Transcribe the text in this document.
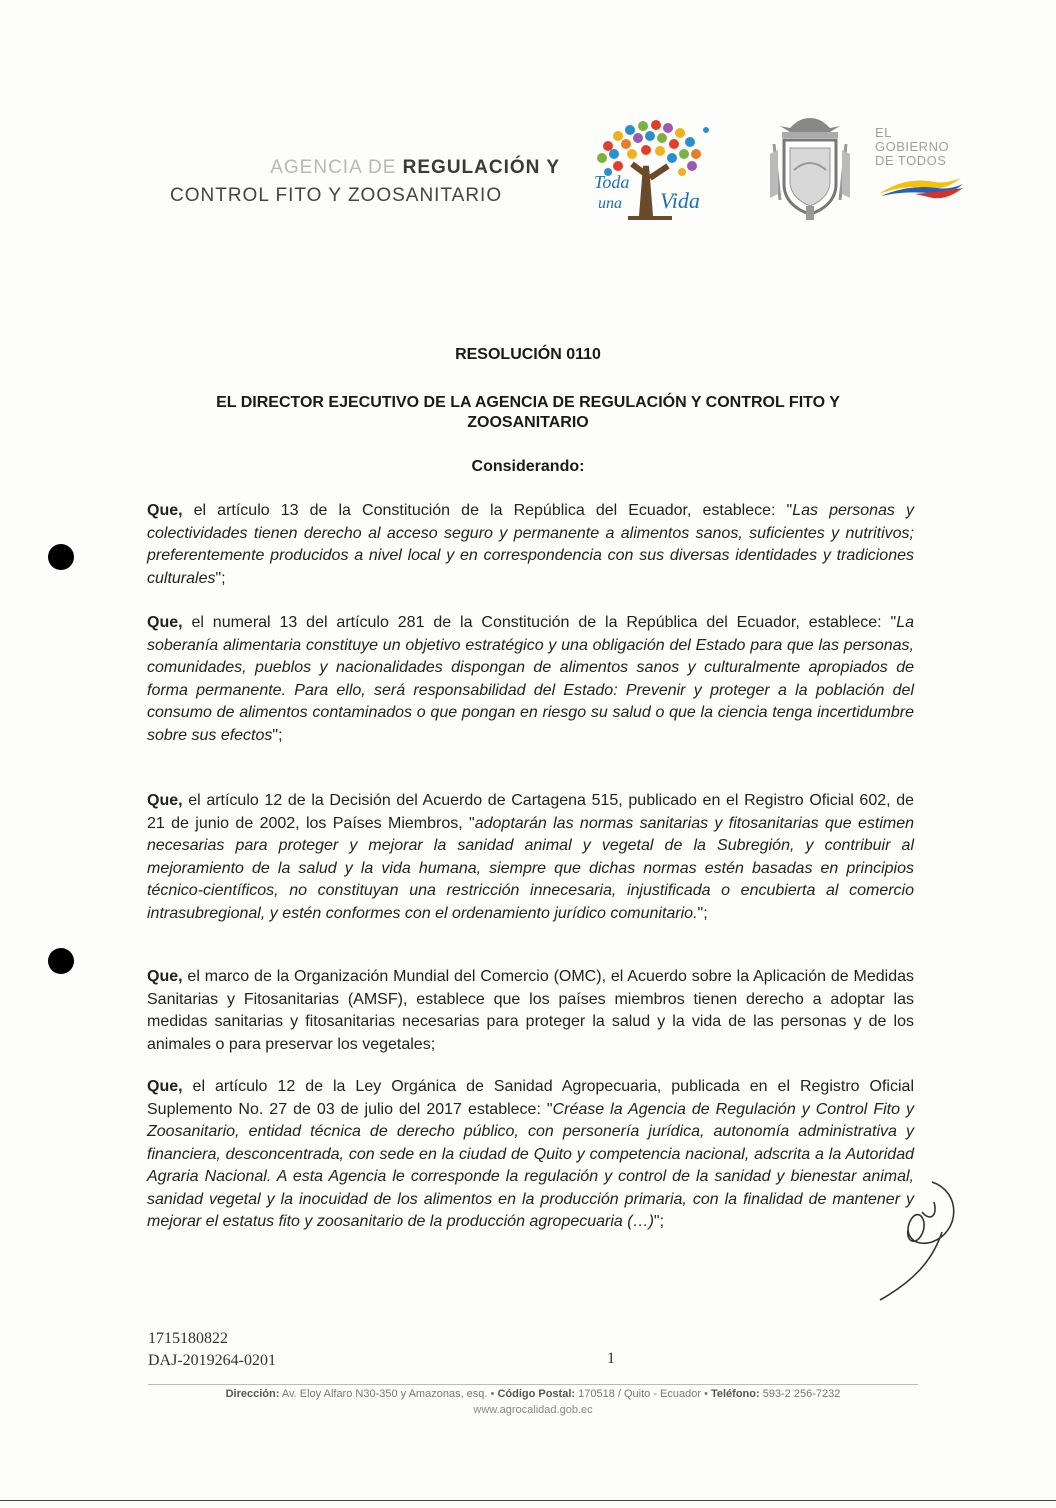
AGENCIA DE REGULACIÓN Y
CONTROL FITO Y ZOOSANITARIO
Toda
una Vida
EL
GOBIERNO
DE TODOS
RESOLUCIÓN 0110
EL DIRECTOR EJECUTIVO DE LA AGENCIA DE REGULACIÓN Y CONTROL FITO Y
ZOOSANITARIO
Considerando:
Que, el artículo 13 de la Constitución de la República del Ecuador, establece: "Las personas y colectividades tienen derecho al acceso seguro y permanente a alimentos sanos, suficientes y nutritivos; preferentemente producidos a nivel local y en correspondencia con sus diversas identidades y tradiciones culturales";
Que, el numeral 13 del artículo 281 de la Constitución de la República del Ecuador, establece: "La soberanía alimentaria constituye un objetivo estratégico y una obligación del Estado para que las personas, comunidades, pueblos y nacionalidades dispongan de alimentos sanos y culturalmente apropiados de forma permanente. Para ello, será responsabilidad del Estado: Prevenir y proteger a la población del consumo de alimentos contaminados o que pongan en riesgo su salud o que la ciencia tenga incertidumbre sobre sus efectos";
Que, el artículo 12 de la Decisión del Acuerdo de Cartagena 515, publicado en el Registro Oficial 602, de 21 de junio de 2002, los Países Miembros, "adoptarán las normas sanitarias y fitosanitarias que estimen necesarias para proteger y mejorar la sanidad animal y vegetal de la Subregión, y contribuir al mejoramiento de la salud y la vida humana, siempre que dichas normas estén basadas en principios técnico-científicos, no constituyan una restricción innecesaria, injustificada o encubierta al comercio intrasubregional, y estén conformes con el ordenamiento jurídico comunitario.";
Que, el marco de la Organización Mundial del Comercio (OMC), el Acuerdo sobre la Aplicación de Medidas Sanitarias y Fitosanitarias (AMSF), establece que los países miembros tienen derecho a adoptar las medidas sanitarias y fitosanitarias necesarias para proteger la salud y la vida de las personas y de los animales o para preservar los vegetales;
Que, el artículo 12 de la Ley Orgánica de Sanidad Agropecuaria, publicada en el Registro Oficial Suplemento No. 27 de 03 de julio del 2017 establece: "Créase la Agencia de Regulación y Control Fito y Zoosanitario, entidad técnica de derecho público, con personería jurídica, autonomía administrativa y financiera, desconcentrada, con sede en la ciudad de Quito y competencia nacional, adscrita a la Autoridad Agraria Nacional. A esta Agencia le corresponde la regulación y control de la sanidad y bienestar animal, sanidad vegetal y la inocuidad de los alimentos en la producción primaria, con la finalidad de mantener y mejorar el estatus fito y zoosanitario de la producción agropecuaria (…)";
1715180822
DAJ-2019264-0201	1
Dirección: Av. Eloy Alfaro N30-350 y Amazonas, esq. • Código Postal: 170518 / Quito - Ecuador • Teléfono: 593-2 256-7232
www.agrocalidad.gob.ec
